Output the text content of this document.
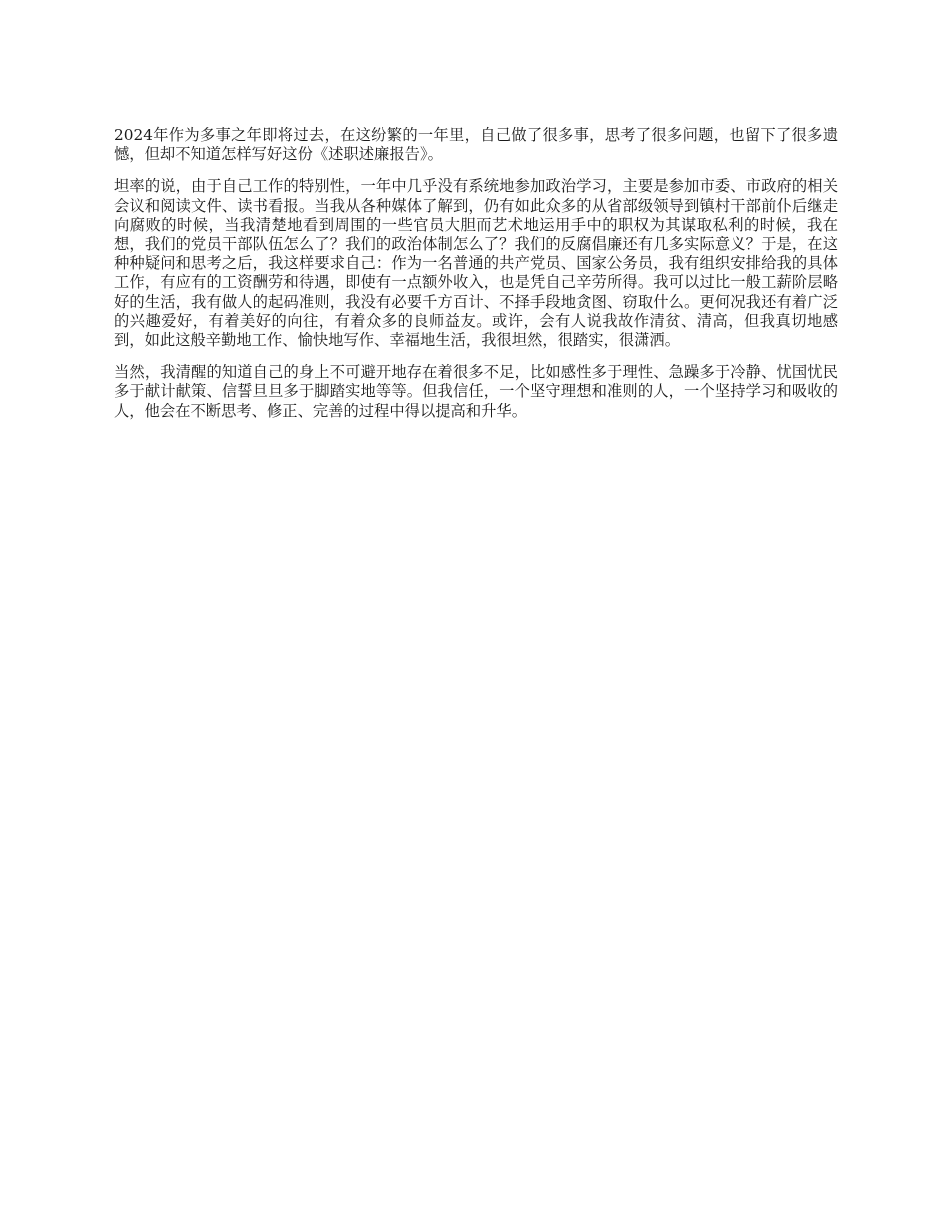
2024年作为多事之年即将过去，在这纷繁的一年里，自己做了很多事，思考了很多问题，也留下了很多遗憾，但却不知道怎样写好这份《述职述廉报告》。

坦率的说，由于自己工作的特别性，一年中几乎没有系统地参加政治学习，主要是参加市委、市政府的相关会议和阅读文件、读书看报。当我从各种媒体了解到，仍有如此众多的从省部级领导到镇村干部前仆后继走向腐败的时候，当我清楚地看到周围的一些官员大胆而艺术地运用手中的职权为其谋取私利的时候，我在想，我们的党员干部队伍怎么了？我们的政治体制怎么了？我们的反腐倡廉还有几多实际意义？于是，在这种种疑问和思考之后，我这样要求自己：作为一名普通的共产党员、国家公务员，我有组织安排给我的具体工作，有应有的工资酬劳和待遇，即使有一点额外收入，也是凭自己辛劳所得。我可以过比一般工薪阶层略好的生活，我有做人的起码准则，我没有必要千方百计、不择手段地贪图、窃取什么。更何况我还有着广泛的兴趣爱好，有着美好的向往，有着众多的良师益友。或许，会有人说我故作清贫、清高，但我真切地感到，如此这般辛勤地工作、愉快地写作、幸福地生活，我很坦然，很踏实，很潇洒。

当然，我清醒的知道自己的身上不可避开地存在着很多不足，比如感性多于理性、急躁多于冷静、忧国忧民多于献计献策、信誓旦旦多于脚踏实地等等。但我信任，一个坚守理想和准则的人，一个坚持学习和吸收的人，他会在不断思考、修正、完善的过程中得以提高和升华。
